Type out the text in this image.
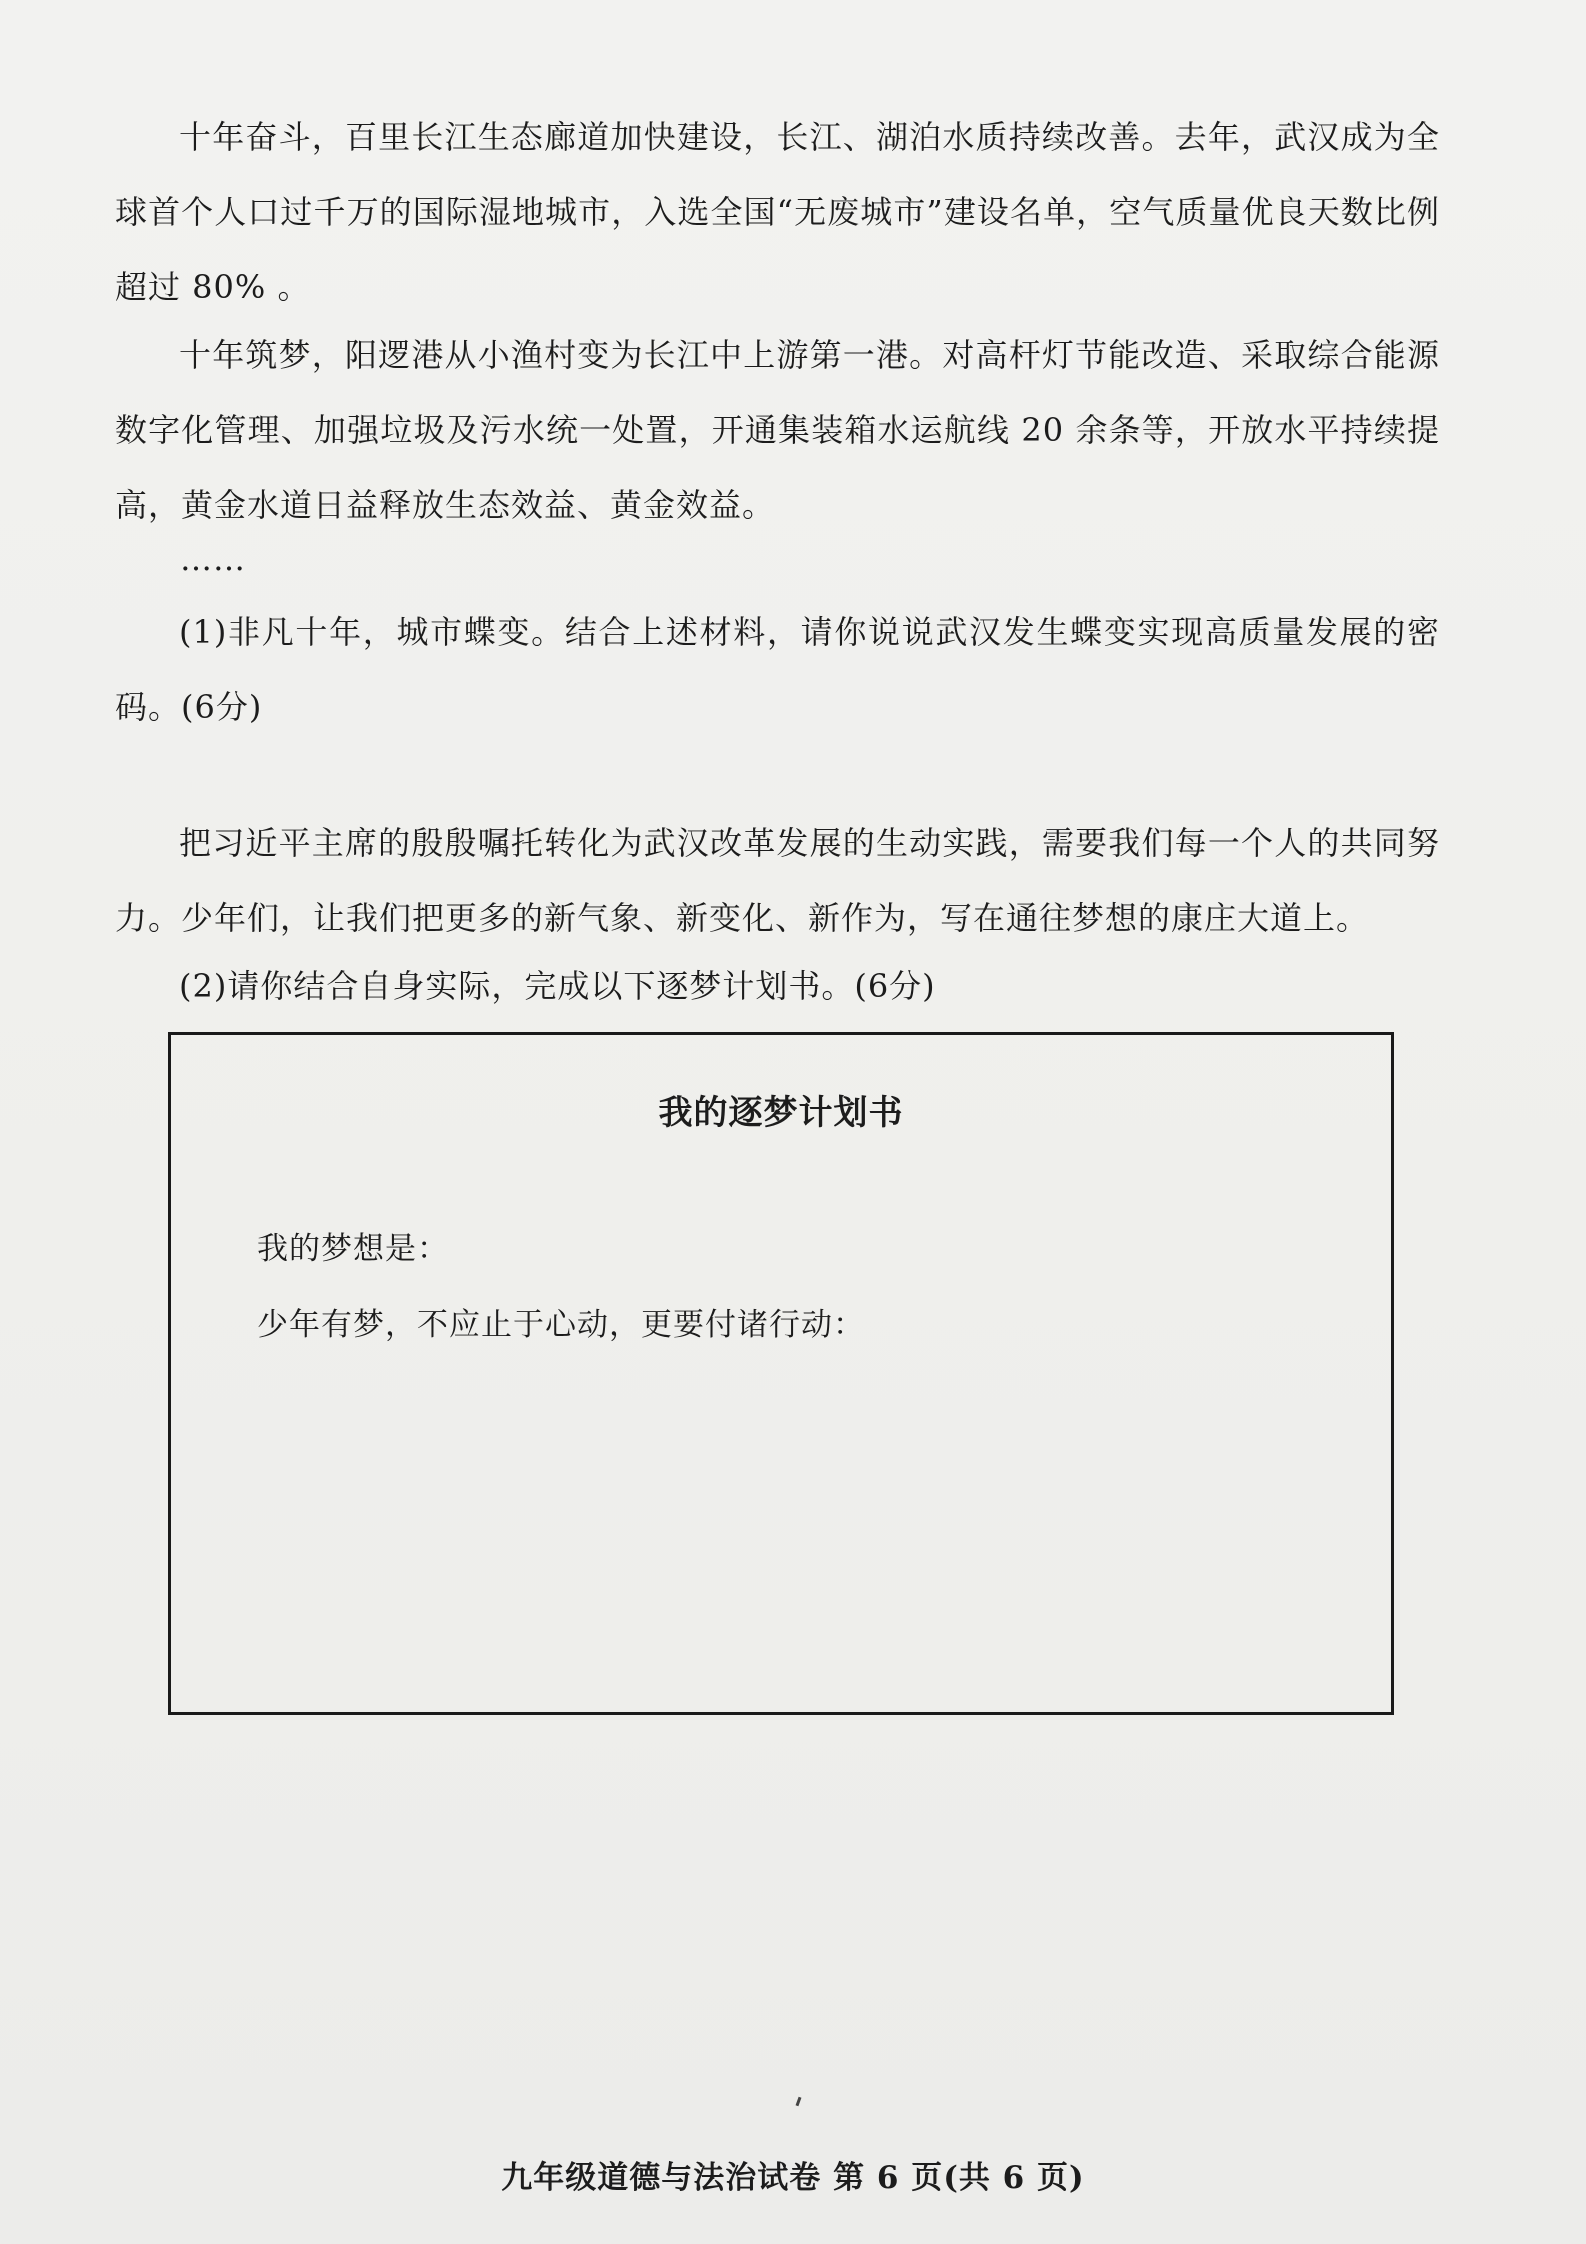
十年奋斗，百里长江生态廊道加快建设，长江、湖泊水质持续改善。去年，武汉成为全球首个人口过千万的国际湿地城市，入选全国“无废城市”建设名单，空气质量优良天数比例超过 80% 。

十年筑梦，阳逻港从小渔村变为长江中上游第一港。对高杆灯节能改造、采取综合能源数字化管理、加强垃圾及污水统一处置，开通集装箱水运航线 20 余条等，开放水平持续提高，黄金水道日益释放生态效益、黄金效益。

……

(1)非凡十年，城市蝶变。结合上述材料，请你说说武汉发生蝶变实现高质量发展的密码。(6分)

把习近平主席的殷殷嘱托转化为武汉改革发展的生动实践，需要我们每一个人的共同努力。少年们，让我们把更多的新气象、新变化、新作为，写在通往梦想的康庄大道上。

(2)请你结合自身实际，完成以下逐梦计划书。(6分)

我的逐梦计划书

我的梦想是：

少年有梦，不应止于心动，更要付诸行动：

九年级道德与法治试卷 第 6 页(共 6 页)
